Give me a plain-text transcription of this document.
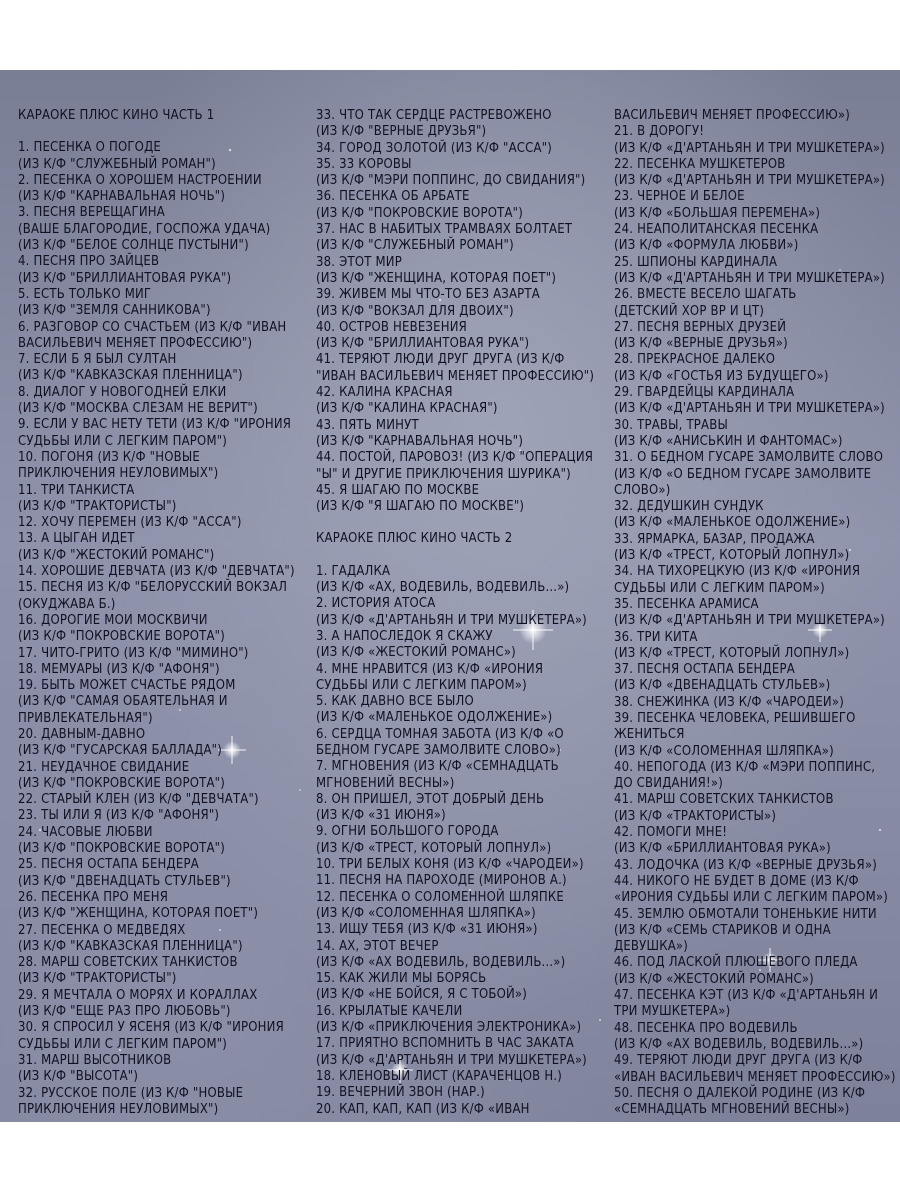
КАРАОКЕ ПЛЮС КИНО ЧАСТЬ 1
1. ПЕСЕНКА О ПОГОДЕ
(ИЗ К/Ф "СЛУЖЕБНЫЙ РОМАН")
2. ПЕСЕНКА О ХОРОШЕМ НАСТРОЕНИИ
(ИЗ К/Ф "КАРНАВАЛЬНАЯ НОЧЬ")
3. ПЕСНЯ ВЕРЕЩАГИНА
(ВАШЕ БЛАГОРОДИЕ, ГОСПОЖА УДАЧА)
(ИЗ К/Ф "БЕЛОЕ СОЛНЦЕ ПУСТЫНИ")
4. ПЕСНЯ ПРО ЗАЙЦЕВ
(ИЗ К/Ф "БРИЛЛИАНТОВАЯ РУКА")
5. ЕСТЬ ТОЛЬКО МИГ
(ИЗ К/Ф "ЗЕМЛЯ САННИКОВА")
6. РАЗГОВОР СО СЧАСТЬЕМ (ИЗ К/Ф "ИВАН
ВАСИЛЬЕВИЧ МЕНЯЕТ ПРОФЕССИЮ")
7. ЕСЛИ Б Я БЫЛ СУЛТАН
(ИЗ К/Ф "КАВКАЗСКАЯ ПЛЕННИЦА")
8. ДИАЛОГ У НОВОГОДНЕЙ ЕЛКИ
(ИЗ К/Ф "МОСКВА СЛЕЗАМ НЕ ВЕРИТ")
9. ЕСЛИ У ВАС НЕТУ ТЕТИ (ИЗ К/Ф "ИРОНИЯ
СУДЬБЫ ИЛИ С ЛЕГКИМ ПАРОМ")
10. ПОГОНЯ (ИЗ К/Ф "НОВЫЕ
ПРИКЛЮЧЕНИЯ НЕУЛОВИМЫХ")
11. ТРИ ТАНКИСТА
(ИЗ К/Ф "ТРАКТОРИСТЫ")
12. ХОЧУ ПЕРЕМЕН (ИЗ К/Ф "АССА")
13. А ЦЫГАН ИДЕТ
(ИЗ К/Ф "ЖЕСТОКИЙ РОМАНС")
14. ХОРОШИЕ ДЕВЧАТА (ИЗ К/Ф "ДЕВЧАТА")
15. ПЕСНЯ ИЗ К/Ф "БЕЛОРУССКИЙ ВОКЗАЛ
(ОКУДЖАВА Б.)
16. ДОРОГИЕ МОИ МОСКВИЧИ
(ИЗ К/Ф "ПОКРОВСКИЕ ВОРОТА")
17. ЧИТО-ГРИТО (ИЗ К/Ф "МИМИНО")
18. МЕМУАРЫ (ИЗ К/Ф "АФОНЯ")
19. БЫТЬ МОЖЕТ СЧАСТЬЕ РЯДОМ
(ИЗ К/Ф "САМАЯ ОБАЯТЕЛЬНАЯ И
ПРИВЛЕКАТЕЛЬНАЯ")
20. ДАВНЫМ-ДАВНО
(ИЗ К/Ф "ГУСАРСКАЯ БАЛЛАДА")
21. НЕУДАЧНОЕ СВИДАНИЕ
(ИЗ К/Ф "ПОКРОВСКИЕ ВОРОТА")
22. СТАРЫЙ КЛЕН (ИЗ К/Ф "ДЕВЧАТА")
23. ТЫ ИЛИ Я (ИЗ К/Ф "АФОНЯ")
24. ЧАСОВЫЕ ЛЮБВИ
(ИЗ К/Ф "ПОКРОВСКИЕ ВОРОТА")
25. ПЕСНЯ ОСТАПА БЕНДЕРА
(ИЗ К/Ф "ДВЕНАДЦАТЬ СТУЛЬЕВ")
26. ПЕСЕНКА ПРО МЕНЯ
(ИЗ К/Ф "ЖЕНЩИНА, КОТОРАЯ ПОЕТ")
27. ПЕСЕНКА О МЕДВЕДЯХ
(ИЗ К/Ф "КАВКАЗСКАЯ ПЛЕННИЦА")
28. МАРШ СОВЕТСКИХ ТАНКИСТОВ
(ИЗ К/Ф "ТРАКТОРИСТЫ")
29. Я МЕЧТАЛА О МОРЯХ И КОРАЛЛАХ
(ИЗ К/Ф "ЕЩЕ РАЗ ПРО ЛЮБОВЬ")
30. Я СПРОСИЛ У ЯСЕНЯ (ИЗ К/Ф "ИРОНИЯ
СУДЬБЫ ИЛИ С ЛЕГКИМ ПАРОМ")
31. МАРШ ВЫСОТНИКОВ
(ИЗ К/Ф "ВЫСОТА")
32. РУССКОЕ ПОЛЕ (ИЗ К/Ф "НОВЫЕ
ПРИКЛЮЧЕНИЯ НЕУЛОВИМЫХ")
33. ЧТО ТАК СЕРДЦЕ РАСТРЕВОЖЕНО
(ИЗ К/Ф "ВЕРНЫЕ ДРУЗЬЯ")
34. ГОРОД ЗОЛОТОЙ (ИЗ К/Ф "АССА")
35. 33 КОРОВЫ
(ИЗ К/Ф "МЭРИ ПОППИНС, ДО СВИДАНИЯ")
36. ПЕСЕНКА ОБ АРБАТЕ
(ИЗ К/Ф "ПОКРОВСКИЕ ВОРОТА")
37. НАС В НАБИТЫХ ТРАМВАЯХ БОЛТАЕТ
(ИЗ К/Ф "СЛУЖЕБНЫЙ РОМАН")
38. ЭТОТ МИР
(ИЗ К/Ф "ЖЕНЩИНА, КОТОРАЯ ПОЕТ")
39. ЖИВЕМ МЫ ЧТО-ТО БЕЗ АЗАРТА
(ИЗ К/Ф "ВОКЗАЛ ДЛЯ ДВОИХ")
40. ОСТРОВ НЕВЕЗЕНИЯ
(ИЗ К/Ф "БРИЛЛИАНТОВАЯ РУКА")
41. ТЕРЯЮТ ЛЮДИ ДРУГ ДРУГА (ИЗ К/Ф
"ИВАН ВАСИЛЬЕВИЧ МЕНЯЕТ ПРОФЕССИЮ")
42. КАЛИНА КРАСНАЯ
(ИЗ К/Ф "КАЛИНА КРАСНАЯ")
43. ПЯТЬ МИНУТ
(ИЗ К/Ф "КАРНАВАЛЬНАЯ НОЧЬ")
44. ПОСТОЙ, ПАРОВОЗ! (ИЗ К/Ф "ОПЕРАЦИЯ
"Ы" И ДРУГИЕ ПРИКЛЮЧЕНИЯ ШУРИКА")
45. Я ШАГАЮ ПО МОСКВЕ
(ИЗ К/Ф "Я ШАГАЮ ПО МОСКВЕ")
КАРАОКЕ ПЛЮС КИНО ЧАСТЬ 2
1. ГАДАЛКА
(ИЗ К/Ф «АХ, ВОДЕВИЛЬ, ВОДЕВИЛЬ...»)
2. ИСТОРИЯ АТОСА
(ИЗ К/Ф «Д'АРТАНЬЯН И ТРИ МУШКЕТЕРА»)
3. А НАПОСЛЕДОК Я СКАЖУ
(ИЗ К/Ф «ЖЕСТОКИЙ РОМАНС»)
4. МНЕ НРАВИТСЯ (ИЗ К/Ф «ИРОНИЯ
СУДЬБЫ ИЛИ С ЛЕГКИМ ПАРОМ»)
5. КАК ДАВНО ВСЕ БЫЛО
(ИЗ К/Ф «МАЛЕНЬКОЕ ОДОЛЖЕНИЕ»)
6. СЕРДЦА ТОМНАЯ ЗАБОТА (ИЗ К/Ф «О
БЕДНОМ ГУСАРЕ ЗАМОЛВИТЕ СЛОВО»)
7. МГНОВЕНИЯ (ИЗ К/Ф «СЕМНАДЦАТЬ
МГНОВЕНИЙ ВЕСНЫ»)
8. ОН ПРИШЕЛ, ЭТОТ ДОБРЫЙ ДЕНЬ
(ИЗ К/Ф «31 ИЮНЯ»)
9. ОГНИ БОЛЬШОГО ГОРОДА
(ИЗ К/Ф «ТРЕСТ, КОТОРЫЙ ЛОПНУЛ»)
10. ТРИ БЕЛЫХ КОНЯ (ИЗ К/Ф «ЧАРОДЕИ»)
11. ПЕСНЯ НА ПАРОХОДЕ (МИРОНОВ А.)
12. ПЕСЕНКА О СОЛОМЕННОЙ ШЛЯПКЕ
(ИЗ К/Ф «СОЛОМЕННАЯ ШЛЯПКА»)
13. ИЩУ ТЕБЯ (ИЗ К/Ф «31 ИЮНЯ»)
14. АХ, ЭТОТ ВЕЧЕР
(ИЗ К/Ф «АХ ВОДЕВИЛЬ, ВОДЕВИЛЬ...»)
15. КАК ЖИЛИ МЫ БОРЯСЬ
(ИЗ К/Ф «НЕ БОЙСЯ, Я С ТОБОЙ»)
16. КРЫЛАТЫЕ КАЧЕЛИ
(ИЗ К/Ф «ПРИКЛЮЧЕНИЯ ЭЛЕКТРОНИКА»)
17. ПРИЯТНО ВСПОМНИТЬ В ЧАС ЗАКАТА
(ИЗ К/Ф «Д'АРТАНЬЯН И ТРИ МУШКЕТЕРА»)
18. КЛЕНОВЫЙ ЛИСТ (КАРАЧЕНЦОВ Н.)
19. ВЕЧЕРНИЙ ЗВОН (НАР.)
20. КАП, КАП, КАП (ИЗ К/Ф «ИВАН
ВАСИЛЬЕВИЧ МЕНЯЕТ ПРОФЕССИЮ»)
21. В ДОРОГУ!
(ИЗ К/Ф «Д'АРТАНЬЯН И ТРИ МУШКЕТЕРА»)
22. ПЕСЕНКА МУШКЕТЕРОВ
(ИЗ К/Ф «Д'АРТАНЬЯН И ТРИ МУШКЕТЕРА»)
23. ЧЕРНОЕ И БЕЛОЕ
(ИЗ К/Ф «БОЛЬШАЯ ПЕРЕМЕНА»)
24. НЕАПОЛИТАНСКАЯ ПЕСЕНКА
(ИЗ К/Ф «ФОРМУЛА ЛЮБВИ»)
25. ШПИОНЫ КАРДИНАЛА
(ИЗ К/Ф «Д'АРТАНЬЯН И ТРИ МУШКЕТЕРА»)
26. ВМЕСТЕ ВЕСЕЛО ШАГАТЬ
(ДЕТСКИЙ ХОР ВР И ЦТ)
27. ПЕСНЯ ВЕРНЫХ ДРУЗЕЙ
(ИЗ К/Ф «ВЕРНЫЕ ДРУЗЬЯ»)
28. ПРЕКРАСНОЕ ДАЛЕКО
(ИЗ К/Ф «ГОСТЬЯ ИЗ БУДУЩЕГО»)
29. ГВАРДЕЙЦЫ КАРДИНАЛА
(ИЗ К/Ф «Д'АРТАНЬЯН И ТРИ МУШКЕТЕРА»)
30. ТРАВЫ, ТРАВЫ
(ИЗ К/Ф «АНИСЬКИН И ФАНТОМАС»)
31. О БЕДНОМ ГУСАРЕ ЗАМОЛВИТЕ СЛОВО
(ИЗ К/Ф «О БЕДНОМ ГУСАРЕ ЗАМОЛВИТЕ
СЛОВО»)
32. ДЕДУШКИН СУНДУК
(ИЗ К/Ф «МАЛЕНЬКОЕ ОДОЛЖЕНИЕ»)
33. ЯРМАРКА, БАЗАР, ПРОДАЖА
(ИЗ К/Ф «ТРЕСТ, КОТОРЫЙ ЛОПНУЛ»)
34. НА ТИХОРЕЦКУЮ (ИЗ К/Ф «ИРОНИЯ
СУДЬБЫ ИЛИ С ЛЕГКИМ ПАРОМ»)
35. ПЕСЕНКА АРАМИСА
(ИЗ К/Ф «Д'АРТАНЬЯН И ТРИ МУШКЕТЕРА»)
36. ТРИ КИТА
(ИЗ К/Ф «ТРЕСТ, КОТОРЫЙ ЛОПНУЛ»)
37. ПЕСНЯ ОСТАПА БЕНДЕРА
(ИЗ К/Ф «ДВЕНАДЦАТЬ СТУЛЬЕВ»)
38. СНЕЖИНКА (ИЗ К/Ф «ЧАРОДЕИ»)
39. ПЕСЕНКА ЧЕЛОВЕКА, РЕШИВШЕГО
ЖЕНИТЬСЯ
(ИЗ К/Ф «СОЛОМЕННАЯ ШЛЯПКА»)
40. НЕПОГОДА (ИЗ К/Ф «МЭРИ ПОППИНС,
ДО СВИДАНИЯ!»)
41. МАРШ СОВЕТСКИХ ТАНКИСТОВ
(ИЗ К/Ф «ТРАКТОРИСТЫ»)
42. ПОМОГИ МНЕ!
(ИЗ К/Ф «БРИЛЛИАНТОВАЯ РУКА»)
43. ЛОДОЧКА (ИЗ К/Ф «ВЕРНЫЕ ДРУЗЬЯ»)
44. НИКОГО НЕ БУДЕТ В ДОМЕ (ИЗ К/Ф
«ИРОНИЯ СУДЬБЫ ИЛИ С ЛЕГКИМ ПАРОМ»)
45. ЗЕМЛЮ ОБМОТАЛИ ТОНЕНЬКИЕ НИТИ
(ИЗ К/Ф «СЕМЬ СТАРИКОВ И ОДНА
ДЕВУШКА»)
46. ПОД ЛАСКОЙ ПЛЮШЕВОГО ПЛЕДА
(ИЗ К/Ф «ЖЕСТОКИЙ РОМАНС»)
47. ПЕСЕНКА КЭТ (ИЗ К/Ф «Д'АРТАНЬЯН И
ТРИ МУШКЕТЕРА»)
48. ПЕСЕНКА ПРО ВОДЕВИЛЬ
(ИЗ К/Ф «АХ ВОДЕВИЛЬ, ВОДЕВИЛЬ...»)
49. ТЕРЯЮТ ЛЮДИ ДРУГ ДРУГА (ИЗ К/Ф
«ИВАН ВАСИЛЬЕВИЧ МЕНЯЕТ ПРОФЕССИЮ»)
50. ПЕСНЯ О ДАЛЕКОЙ РОДИНЕ (ИЗ К/Ф
«СЕМНАДЦАТЬ МГНОВЕНИЙ ВЕСНЫ»)
